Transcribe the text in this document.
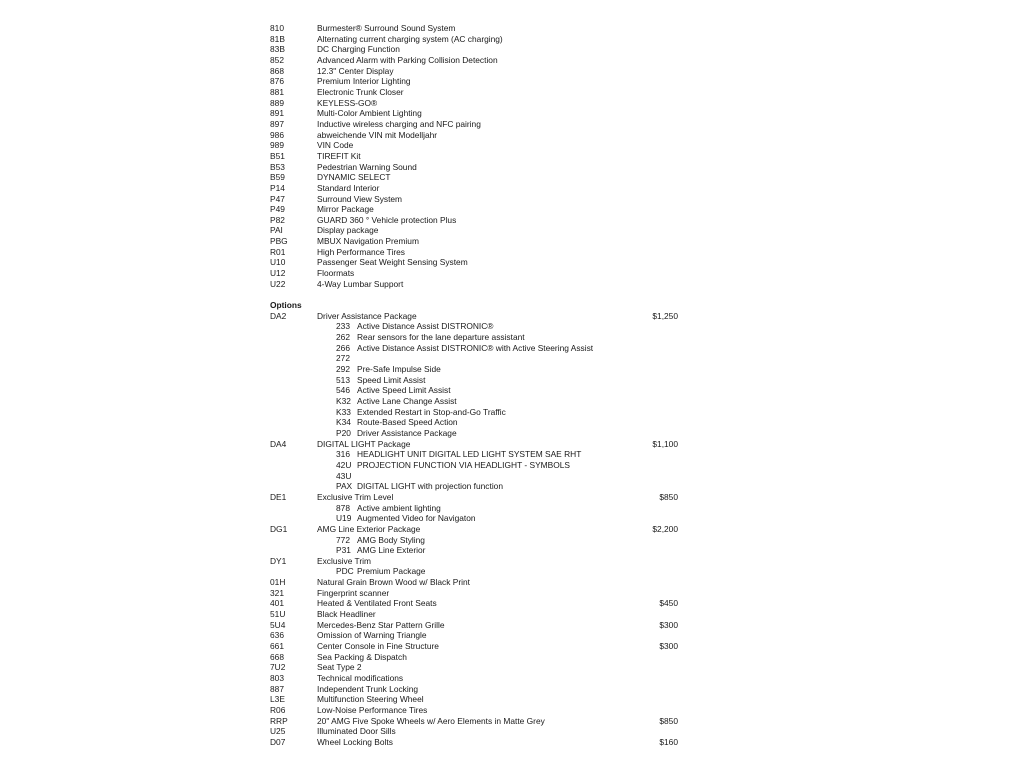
810	Burmester® Surround Sound System
81B	Alternating current charging system (AC charging)
83B	DC Charging Function
852	Advanced Alarm with Parking Collision Detection
868	12.3" Center Display
876	Premium Interior Lighting
881	Electronic Trunk Closer
889	KEYLESS-GO®
891	Multi-Color Ambient Lighting
897	Inductive wireless charging and NFC pairing
986	abweichende VIN mit Modelljahr
989	VIN Code
B51	TIREFIT Kit
B53	Pedestrian Warning Sound
B59	DYNAMIC SELECT
P14	Standard Interior
P47	Surround View System
P49	Mirror Package
P82	GUARD 360 ° Vehicle protection Plus
PAI	Display package
PBG	MBUX Navigation Premium
R01	High Performance Tires
U10	Passenger Seat Weight Sensing System
U12	Floormats
U22	4-Way Lumbar Support
Options
DA2	Driver Assistance Package	$1,250
233 Active Distance Assist DISTRONIC®
262 Rear sensors for the lane departure assistant
266 Active Distance Assist DISTRONIC® with Active Steering Assist
272
292 Pre-Safe Impulse Side
513 Speed Limit Assist
546 Active Speed Limit Assist
K32 Active Lane Change Assist
K33 Extended Restart in Stop-and-Go Traffic
K34 Route-Based Speed Action
P20 Driver Assistance Package
DA4	DIGITAL LIGHT Package	$1,100
316 HEADLIGHT UNIT DIGITAL LED LIGHT SYSTEM SAE RHT
42U PROJECTION FUNCTION VIA HEADLIGHT - SYMBOLS
43U
PAX DIGITAL LIGHT with projection function
DE1	Exclusive Trim Level	$850
878 Active ambient lighting
U19 Augmented Video for Navigaton
DG1	AMG Line Exterior Package	$2,200
772 AMG Body Styling
P31 AMG Line Exterior
DY1	Exclusive Trim
PDC Premium Package
01H	Natural Grain Brown Wood w/ Black Print
321	Fingerprint scanner
401	Heated & Ventilated Front Seats	$450
51U	Black Headliner
5U4	Mercedes-Benz Star Pattern Grille	$300
636	Omission of Warning Triangle
661	Center Console in Fine Structure	$300
668	Sea Packing & Dispatch
7U2	Seat Type 2
803	Technical modifications
887	Independent Trunk Locking
L3E	Multifunction Steering Wheel
R06	Low-Noise Performance Tires
RRP	20" AMG Five Spoke Wheels w/ Aero Elements in Matte Grey	$850
U25	Illuminated Door Sills
D07	Wheel Locking Bolts	$160
